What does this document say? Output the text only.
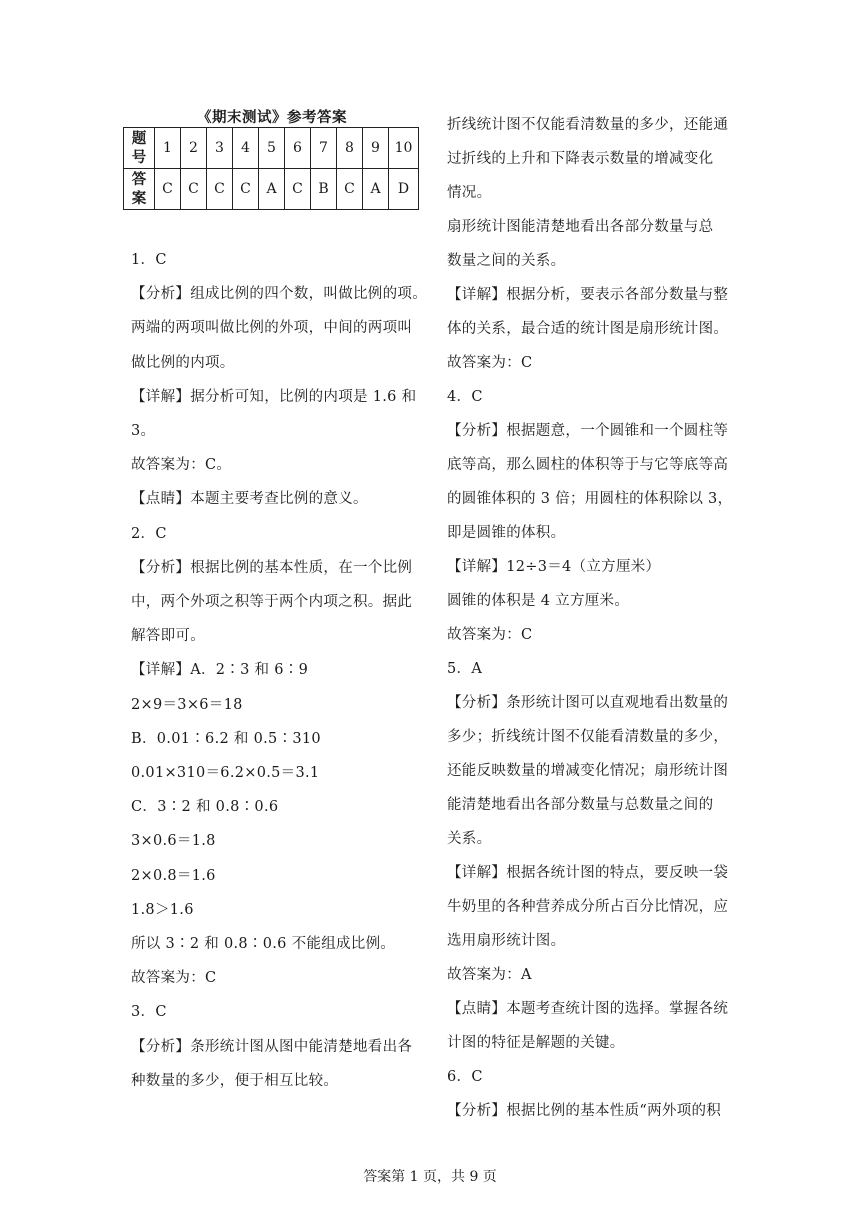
《期末测试》参考答案
题
号	1	2	3	4	5	6	7	8	9	10
答
案	C	C	C	C	A	C	B	C	A	D
1．C
【分析】组成比例的四个数，叫做比例的项。
两端的两项叫做比例的外项，中间的两项叫
做比例的内项。
【详解】据分析可知，比例的内项是 1.6 和
3。
故答案为：C。
【点睛】本题主要考查比例的意义。
2．C
【分析】根据比例的基本性质，在一个比例
中，两个外项之积等于两个内项之积。据此
解答即可。
【详解】A．2∶3 和 6∶9
2×9＝3×6＝18
B．0.01∶6.2 和 0.5∶310
0.01×310＝6.2×0.5＝3.1
C．3∶2 和 0.8∶0.6
3×0.6＝1.8
2×0.8＝1.6
1.8＞1.6
所以 3∶2 和 0.8∶0.6 不能组成比例。
故答案为：C
3．C
【分析】条形统计图从图中能清楚地看出各
种数量的多少，便于相互比较。
折线统计图不仅能看清数量的多少，还能通
过折线的上升和下降表示数量的增减变化
情况。
扇形统计图能清楚地看出各部分数量与总
数量之间的关系。
【详解】根据分析，要表示各部分数量与整
体的关系，最合适的统计图是扇形统计图。
故答案为：C
4．C
【分析】根据题意，一个圆锥和一个圆柱等
底等高，那么圆柱的体积等于与它等底等高
的圆锥体积的 3 倍；用圆柱的体积除以 3，
即是圆锥的体积。
【详解】12÷3＝4（立方厘米）
圆锥的体积是 4 立方厘米。
故答案为：C
5．A
【分析】条形统计图可以直观地看出数量的
多少；折线统计图不仅能看清数量的多少，
还能反映数量的增减变化情况；扇形统计图
能清楚地看出各部分数量与总数量之间的
关系。
【详解】根据各统计图的特点，要反映一袋
牛奶里的各种营养成分所占百分比情况，应
选用扇形统计图。
故答案为：A
【点睛】本题考查统计图的选择。掌握各统
计图的特征是解题的关键。
6．C
【分析】根据比例的基本性质“两外项的积
答案第 1 页，共 9 页
